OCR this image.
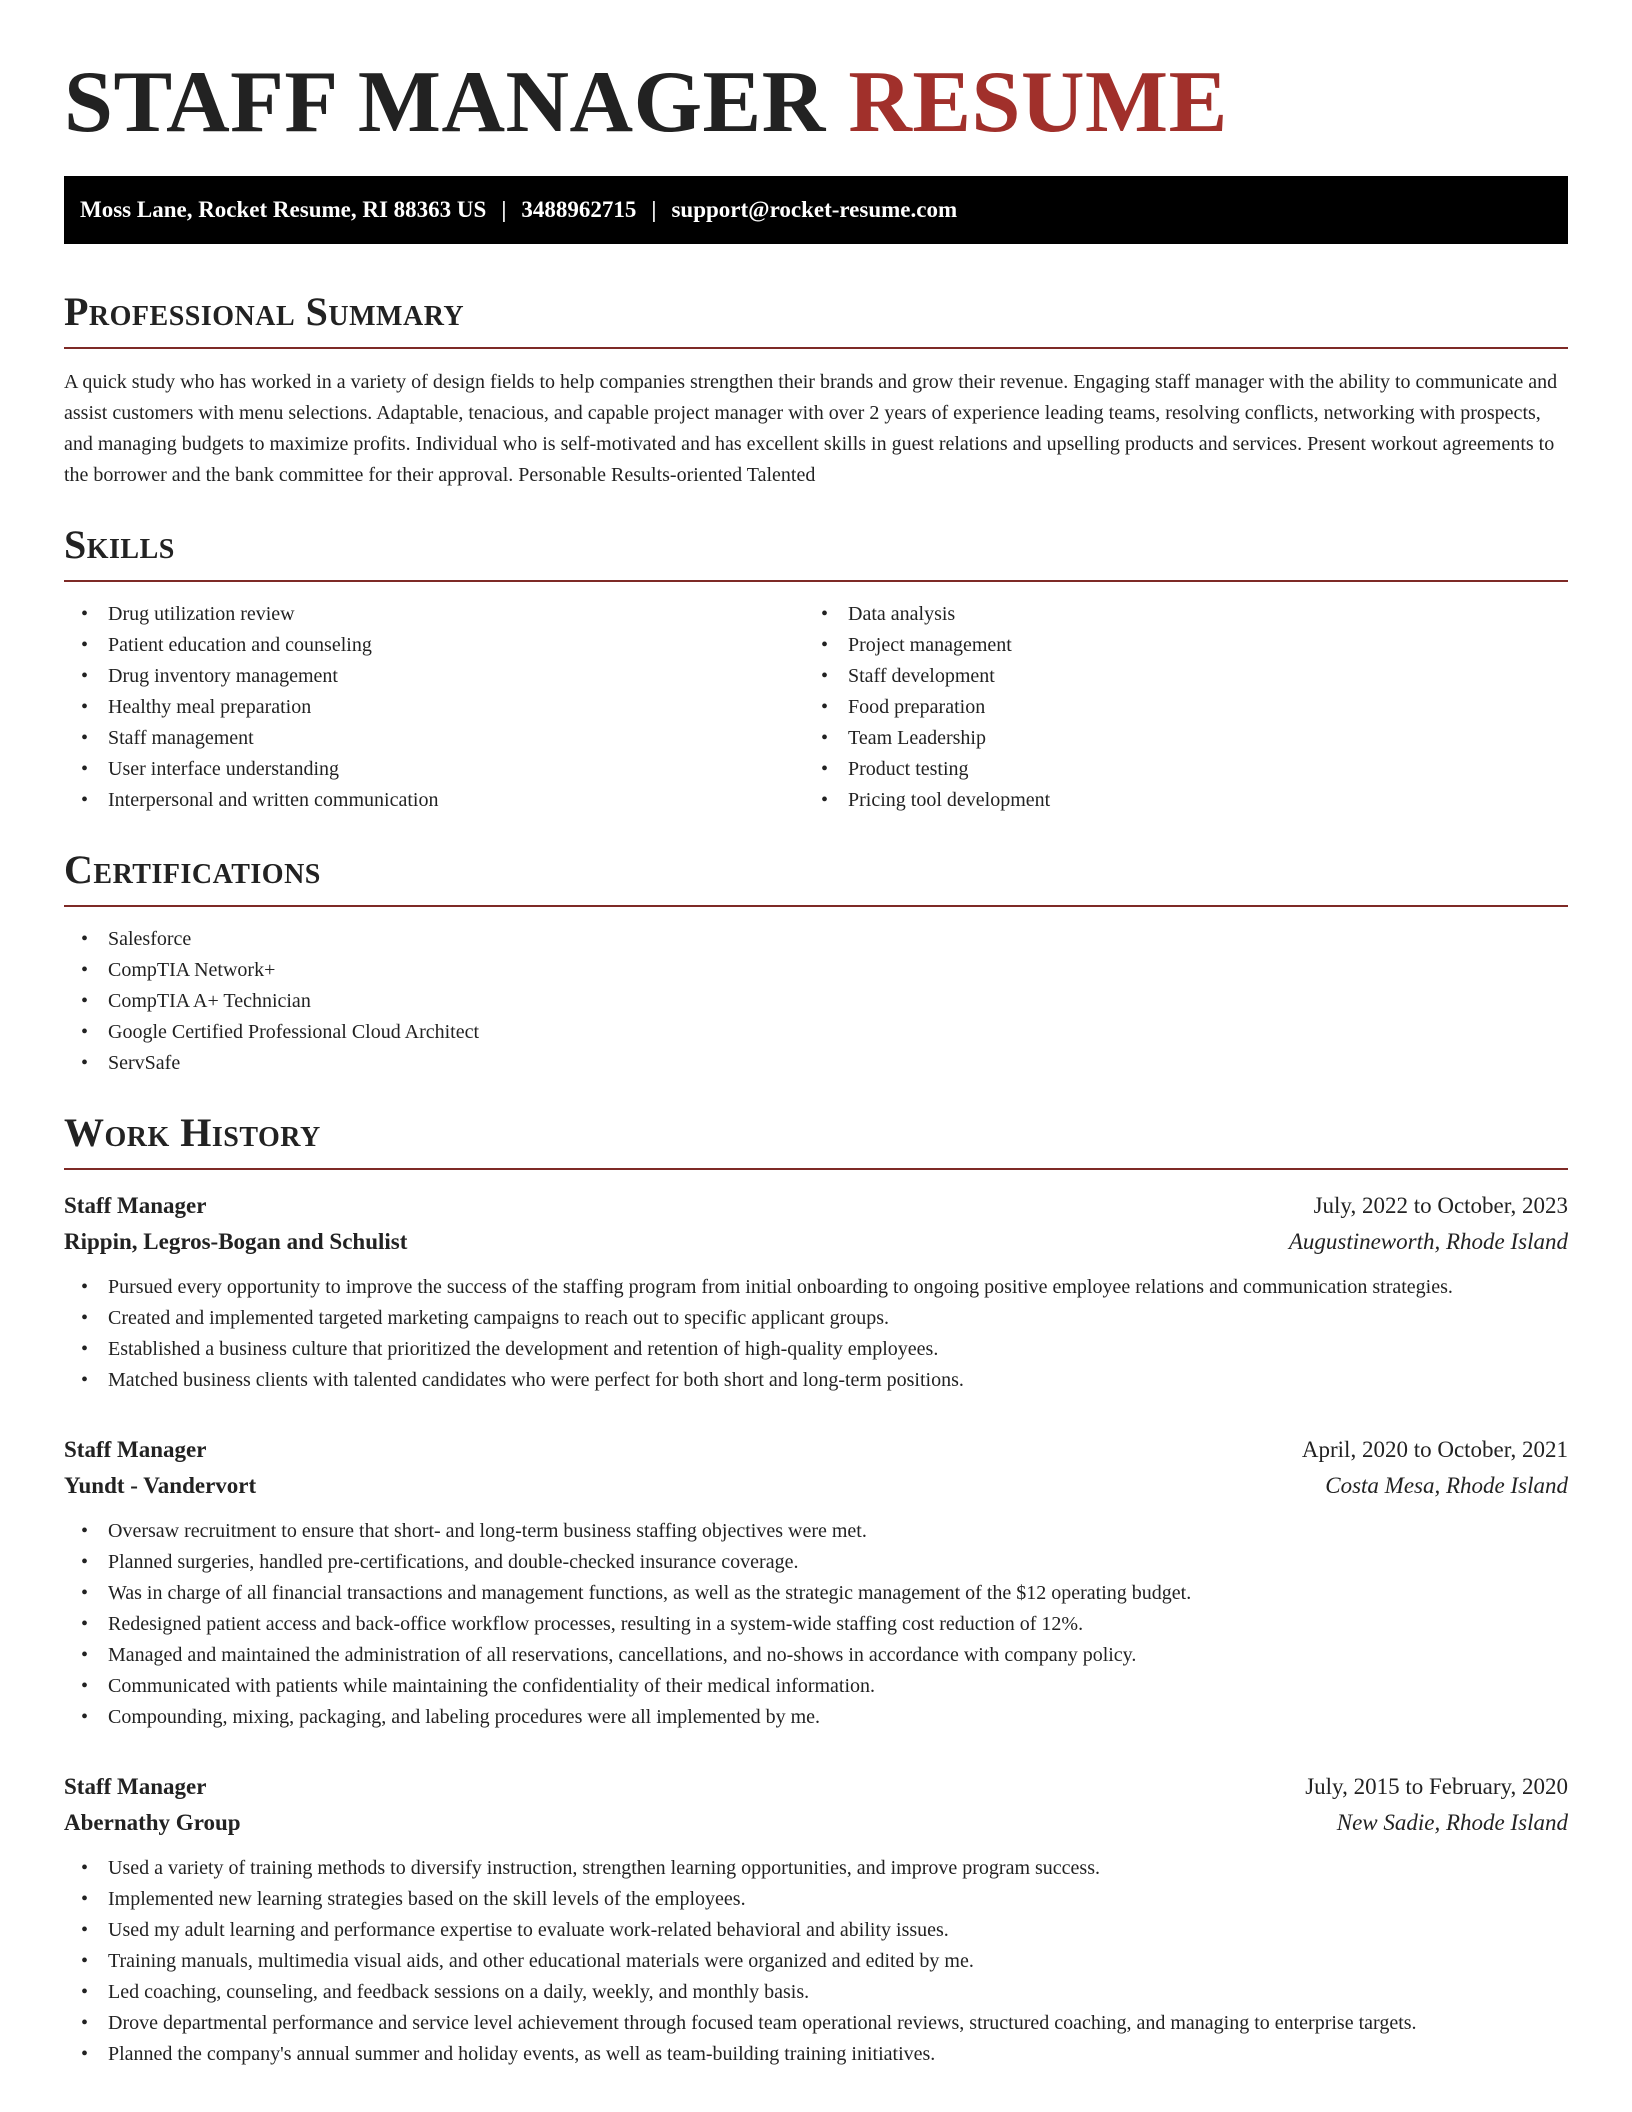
STAFF MANAGER RESUME
Moss Lane, Rocket Resume, RI 88363 US | 3488962715 | support@rocket-resume.com
Professional Summary

A quick study who has worked in a variety of design fields to help companies strengthen their brands and grow their revenue. Engaging staff manager with the ability to communicate and assist customers with menu selections. Adaptable, tenacious, and capable project manager with over 2 years of experience leading teams, resolving conflicts, networking with prospects, and managing budgets to maximize profits. Individual who is self-motivated and has excellent skills in guest relations and upselling products and services. Present workout agreements to the borrower and the bank committee for their approval. Personable Results-oriented Talented

Skills
• Drug utilization review
• Patient education and counseling
• Drug inventory management
• Healthy meal preparation
• Staff management
• User interface understanding
• Interpersonal and written communication
• Data analysis
• Project management
• Staff development
• Food preparation
• Team Leadership
• Product testing
• Pricing tool development
Certifications
• Salesforce
• CompTIA Network+
• CompTIA A+ Technician
• Google Certified Professional Cloud Architect
• ServSafe
Work History
Staff Manager	July, 2022 to October, 2023
Rippin, Legros-Bogan and Schulist	Augustineworth, Rhode Island
• Pursued every opportunity to improve the success of the staffing program from initial onboarding to ongoing positive employee relations and communication strategies.
• Created and implemented targeted marketing campaigns to reach out to specific applicant groups.
• Established a business culture that prioritized the development and retention of high-quality employees.
• Matched business clients with talented candidates who were perfect for both short and long-term positions.
Staff Manager	April, 2020 to October, 2021
Yundt - Vandervort	Costa Mesa, Rhode Island
• Oversaw recruitment to ensure that short- and long-term business staffing objectives were met.
• Planned surgeries, handled pre-certifications, and double-checked insurance coverage.
• Was in charge of all financial transactions and management functions, as well as the strategic management of the $12 operating budget.
• Redesigned patient access and back-office workflow processes, resulting in a system-wide staffing cost reduction of 12%.
• Managed and maintained the administration of all reservations, cancellations, and no-shows in accordance with company policy.
• Communicated with patients while maintaining the confidentiality of their medical information.
• Compounding, mixing, packaging, and labeling procedures were all implemented by me.
Staff Manager	July, 2015 to February, 2020
Abernathy Group	New Sadie, Rhode Island
• Used a variety of training methods to diversify instruction, strengthen learning opportunities, and improve program success.
• Implemented new learning strategies based on the skill levels of the employees.
• Used my adult learning and performance expertise to evaluate work-related behavioral and ability issues.
• Training manuals, multimedia visual aids, and other educational materials were organized and edited by me.
• Led coaching, counseling, and feedback sessions on a daily, weekly, and monthly basis.
• Drove departmental performance and service level achievement through focused team operational reviews, structured coaching, and managing to enterprise targets.
• Planned the company's annual summer and holiday events, as well as team-building training initiatives.
